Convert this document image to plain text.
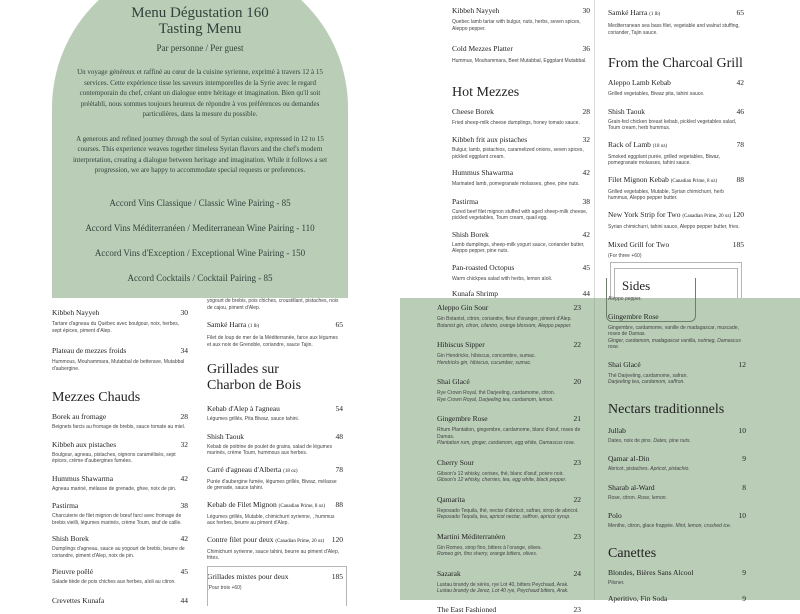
Menu Dégustation 160
Tasting Menu
Par personne / Per guest
Un voyage généreux et raffiné au cœur de la cuisine syrienne, exprimé à travers 12 à 15 services. Cette expérience tisse les saveurs intemporelles de la Syrie avec le regard contemporain du chef, créant un dialogue entre héritage et imagination. Bien qu'il soit préétabli, nous sommes toujours heureux de répondre à vos préférences ou demandes particulières, dans la mesure du possible.
A generous and refined journey through the soul of Syrian cuisine, expressed in 12 to 15 courses. This experience weaves together timeless Syrian flavors and the chef's modern interpretation, creating a dialogue between heritage and imagination. While it follows a set progression, we are happy to accommodate special requests or preferences.
Accord Vins Classique / Classic Wine Pairing - 85
Accord Vins Méditerranéen / Mediterranean Wine Pairing - 110
Accord Vins d'Exception / Exceptional Wine Pairing - 150
Accord Cocktails / Cocktail Pairing - 85
Kibbeh Nayyeh	30
Quebec lamb tartar with bulgur, nuts, herbs, seven spices, Aleppo pepper.
Cold Mezzes Platter	36
Hummus, Mouhammara, Beet Mutabbal, Eggplant Mutabbal.
Hot Mezzes
Cheese Borek	28
Fried sheep-milk cheese dumplings, honey tomato sauce.
Kibbeh frit aux pistaches	32
Bulgur, lamb, pistachios, caramelized onions, seven spices, pickled eggplant cream.
Hummus Shawarma	42
Marinated lamb, pomegranate molasses, ghee, pine nuts.
Pastirma	38
Cured beef filet mignon stuffed with aged sheep-milk cheese, pickled vegetables, Toum cream, quail egg.
Shish Borek	42
Lamb dumplings, sheep-milk yogurt sauce, coriander butter, Aleppo pepper, pine nuts.
Pan-roasted Octopus	45
Warm chickpea salad with herbs, lemon aïoli.
Kunafa Shrimp	44
Samké Harra (1 lb)	65
Mediterranean sea bass filet, vegetable and walnut stuffing, coriander, Tajin sauce.
From the Charcoal Grill
Aleppo Lamb Kebab	42
Grilled vegetables, Biwaz pita, tahini sauce.
Shish Taouk	46
Grain-fed chicken breast kebab, pickled vegetables salad, Toum cream, herb hummus.
Rack of Lamb (18 oz)	78
Smoked eggplant purée, grilled vegetables, Biwaz, pomegranate molasses, tahini sauce.
Filet Mignon Kebab (Canadian Prime, 8 oz)	88
Grilled vegetables, Mutable, Syrian chimichurri, herb hummus, Aleppo pepper butter.
New York Strip for Two (Canadian Prime, 20 oz) 120
Syrian chimichurri, tahini sauce, Aleppo pepper butter, fries.
Mixed Grill for Two	185
(For three +60)
Kibbeh Nayyeh	30
Tartare d'agneau du Québec avec boulgour, noix, herbes, sept épices, piment d'Alep.
Plateau de mezzes froids	34
Hummous, Mouhammara, Mutabbal de betterave, Mutabbal d'aubergine.
Mezzes Chauds
Borek au fromage	28
Beignets farcis au fromage de brebis, sauce tomate au miel.
Kibbeh aux pistaches	32
Boulgour, agneau, pistaches, oignons caramélisés, sept épices, crème d'aubergines fumées.
Hummus Shawarma	42
Agneau mariné, mélasse de grenade, ghee, noix de pin.
Pastirma	38
Charcuterie de filet mignon de bœuf farci avec fromage de brebis vieilli, légumes marinés, crème Toum, œuf de caille.
Shish Borek	42
Dumplings d'agneau, sauce au yogourt de brebis, beurre de coriandre, piment d'Alep, noix de pin.
Pieuvre poêlé	45
Salade tiède de pois chiches aux herbes, aïoli au citron.
Crevettes Kunafa	44
yogourt de brebis, pois chiches, croustillant, pistaches, noix de cajou, piment d'Alep.
Samké Harra (1 lb)	65
Filet de loup de mer de la Méditerranée, farce aux légumes et aux noix de Grenoble, coriandre, sauce Tajin.
Grillades sur
Charbon de Bois
Kebab d'Alep à l'agneau	54
Légumes grillés, Pita Biwaz, sauce tahini.
Shish Taouk	48
Kebab de poitrine de poulet de grains, salad de légumes marinés, crème Toum, hummous aux herbes.
Carré d'agneau d'Alberta (18 oz)	78
Purée d'aubergine fumée, légumes grillés, Biwaz, mélasse de grenade, sauce tahini.
Kebab de Filet Mignon (Canadian Prime, 8 oz) 88
Légumes grillés, Mutable, chimichurri syrienne, , hummus aux herbes, beurre au piment d'Alep.
Contre filet pour deux (Canadian Prime, 20 oz) 120
Chimichurri syrienne, sauce tahini, beurre au piment d'Alep, frites.
Grillades mixtes pour deux	185
(Pour trois +60)
Aleppo Gin Sour	23
Gin Botanist, citron, coriandre, fleur d'oranger, piment d'Alep.
Botanist gin, citron, cilantro, orange blossom, Aleppo pepper.
Hibiscus Sipper	22
Gin Hendricks, hibiscus, concombre, sumac.
Hendricks gin, hibiscus, cucumber, sumac.
Shai Glacé	20
Rye Crown Royal, thé Darjeeling, cardamome, citron.
Rye Crown Royal, Darjeeling tea, cardamom, lemon.
Gingembre Rose	21
Rhum Plantation, gingembre, cardamome, blanc d'œuf, roses de Damas.
Plantation rum, ginger, cardamom, egg white, Damascus rose.
Cherry Sour	23
Gibson's 12 whisky, cerises, thé, blanc d'œuf, poivre noir.
Gibson's 12 whisky, cherries, tea, egg white, black pepper.
Qamarita	22
Reposado Tequila, thé, nectar d'abricot, safran, sirop de abricot.
Reposado Tequila, tea, apricot nectar, saffron, apricot syrup.
Martini Méditerranéen	23
Gin Romeo, sirop fino, bitters à l'orange, olives.
Romeo gin, fino sherry, orange bitters, olives.
Sazarak	24
Lustau brandy de xérès, rye Lot 40, bitters Peychaud, Arak.
Lustau brandy de Jerez, Lot 40 rye, Peychaud bitters, Arak.
The East Fashioned	23
Aleppo pepper.
Gingembre Rose
Gingembre, cardamome, vanille de madagascar, muscade, roses de Damas.
Ginger, cardamom, madagascar vanilla, nutmeg, Damascus rose.
Shai Glacé	12
Thé Darjeeling, cardamome, safran.
Darjeeling tea, cardamom, saffron.
Nectars traditionnels
Jullab	10
Dates, noix de pins. Dates, pine nuts.
Qamar al-Din	9
Abricot, pistaches. Apricot, pistachio.
Sharab al-Ward	8
Rose, citron. Rose, lemon.
Polo	10
Menthe, citron, glace frappée. Mint, lemon, crushed ice.
Canettes
Blondes, Bières Sans Alcool	9
Pilsner.
Aperitivo, Fin Soda	9
Sides
